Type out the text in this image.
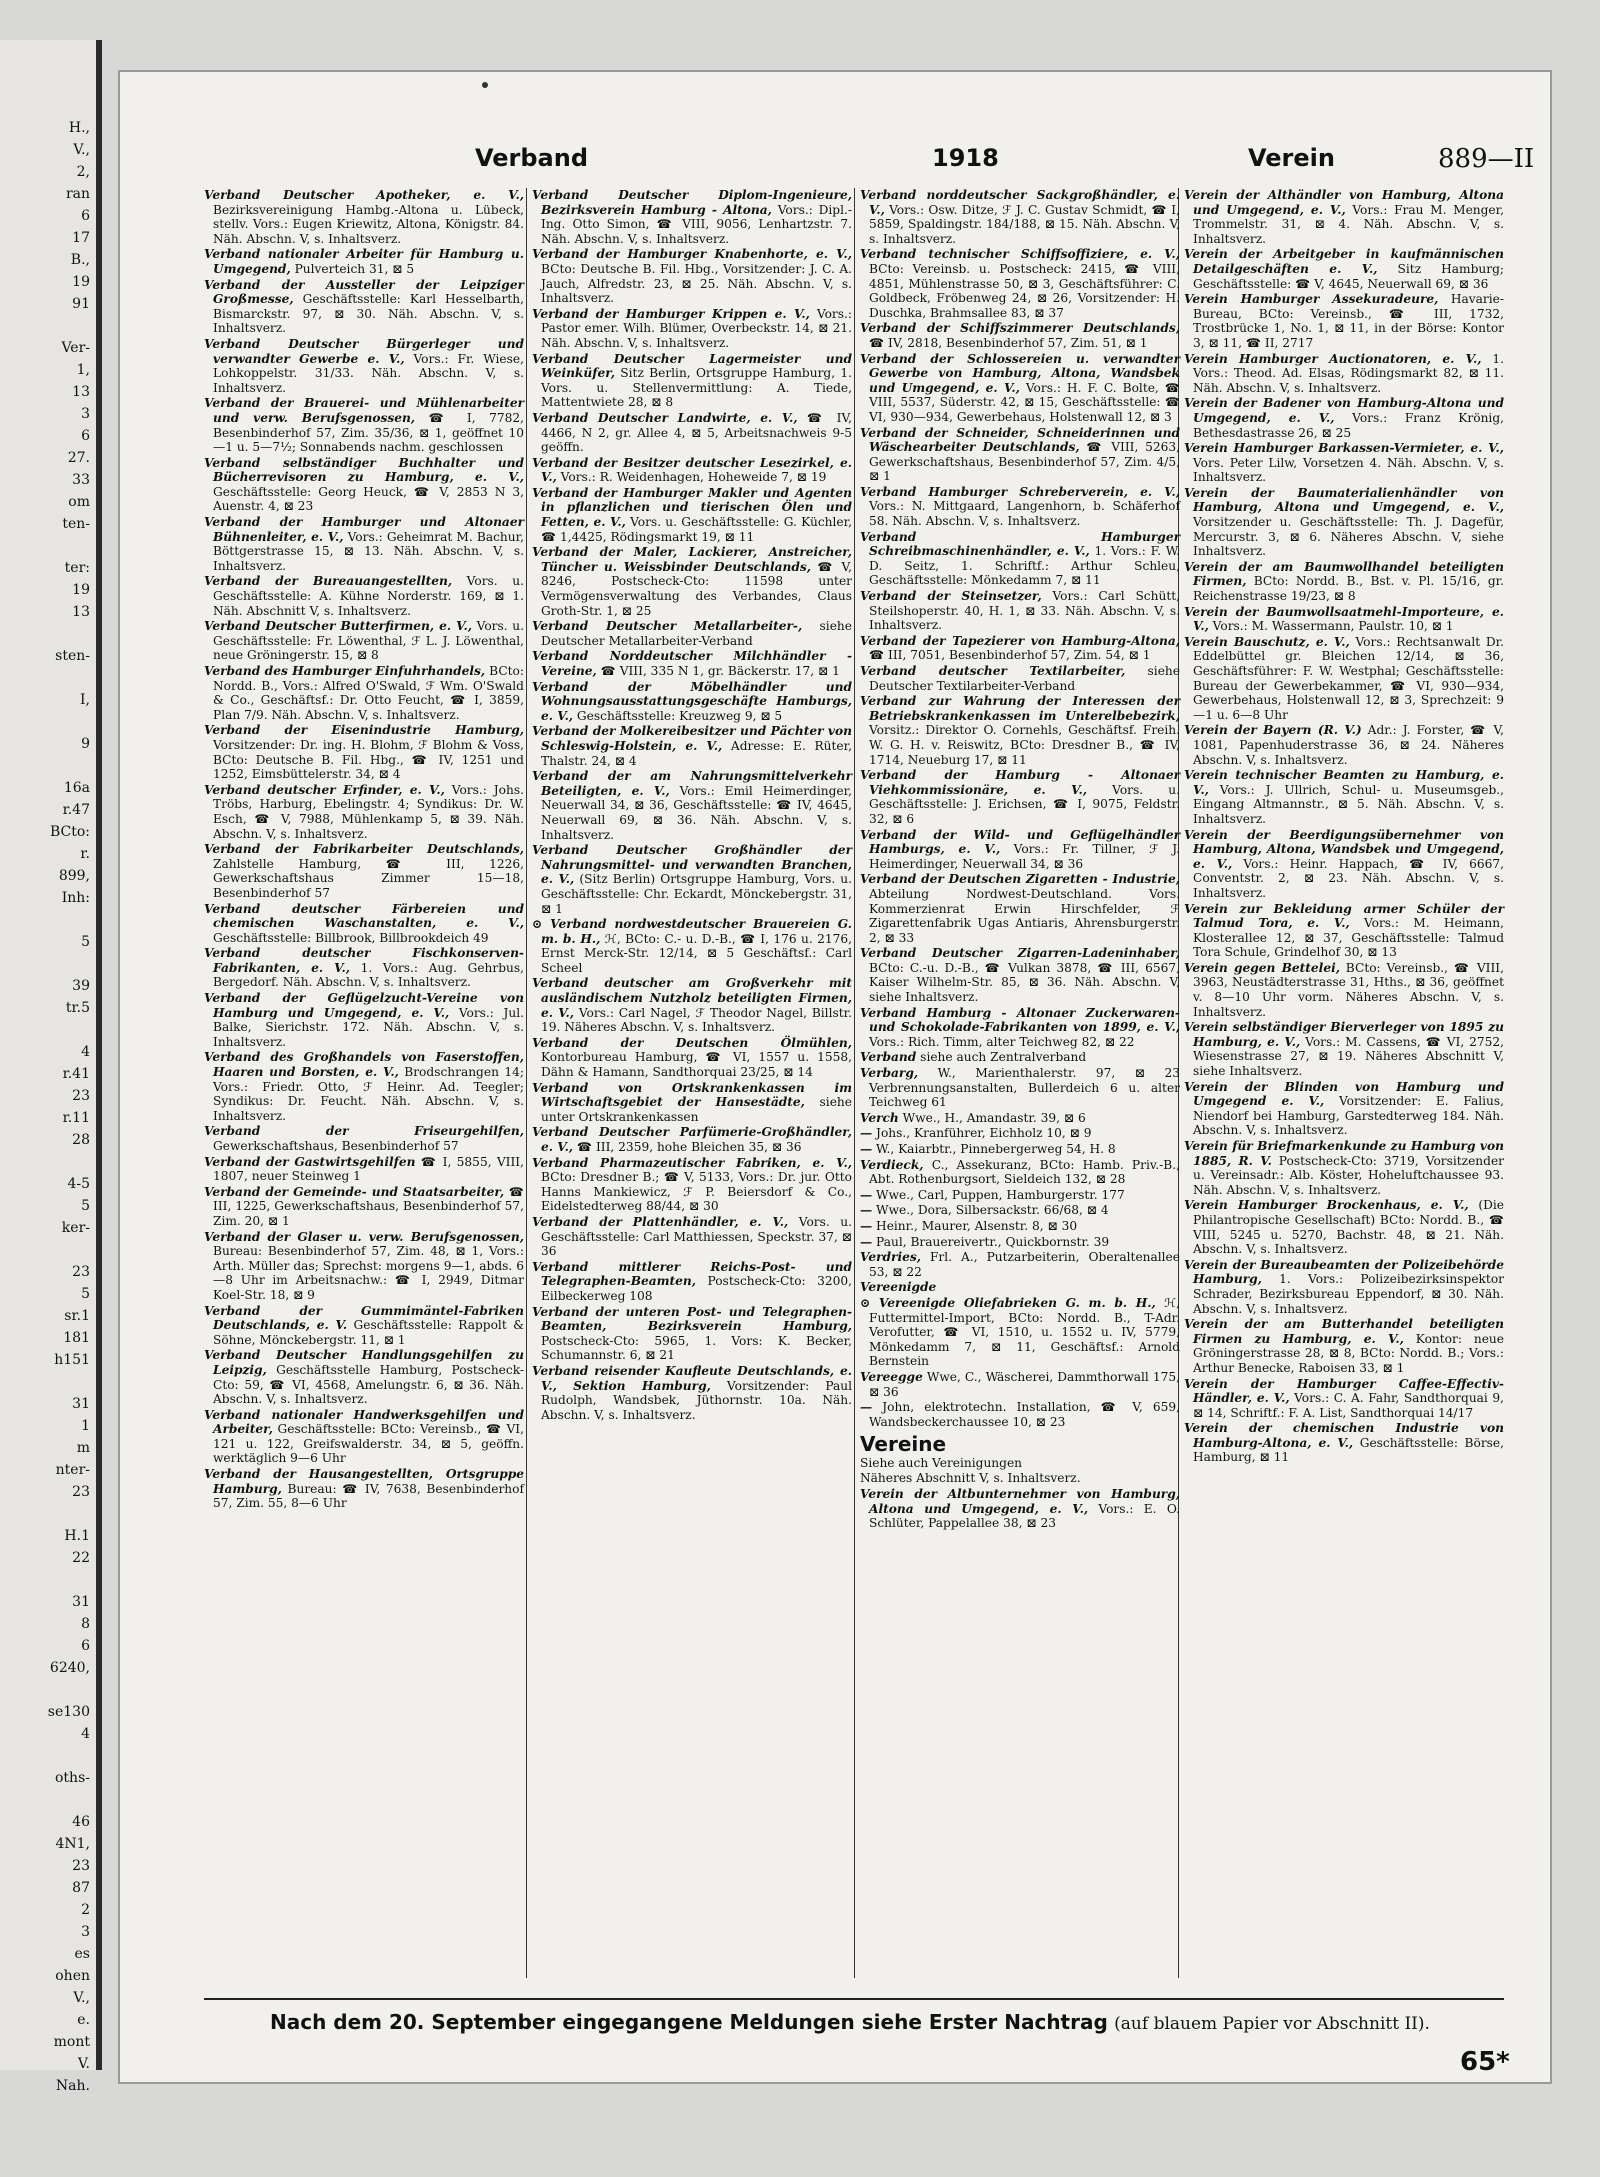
H.,
V.,
2,
ran
6
17
B.,
19
91
Ver-
1,
13
3
6
27.
33
om
ten-
ter:
19
13
sten-
I,
9
16a
r.47
BCto:
r.
899,
Inh:
5
39
tr.5
4
r.41
23
r.11
28
4-5
5
ker-
23
5
sr.1
181
h151
31
1
m
nter-
23
H.1
22
31
8
6
6240,
se130
4
oths-
46
4N1,
23
87
2
3
es
ohen
V.,
e.
mont
V.
Nah.
Verband	1918	Verein	889—II
Verband Deutscher Apotheker, e. V., Bezirksvereinigung Hambg.-Altona u. Lübeck, stellv. Vors.: Eugen Kriewitz, Altona, Königstr. 84. Näh. Abschn. V, s. Inhaltsverz.
Verband nationaler Arbeiter für Hamburg u. Umgegend, Pulverteich 31, ⊠ 5
Verband der Aussteller der Leipziger Großmesse, Geschäftsstelle: Karl Hesselbarth, Bismarckstr. 97, ⊠ 30. Näh. Abschn. V, s. Inhaltsverz.
Verband Deutscher Bürgerleger und verwandter Gewerbe e. V., Vors.: Fr. Wiese, Lohkoppelstr. 31/33. Näh. Abschn. V, s. Inhaltsverz.
Verband der Brauerei- und Mühlenarbeiter und verw. Berufsgenossen, ☎ I, 7782, Besenbinderhof 57, Zim. 35/36, ⊠ 1, geöffnet 10—1 u. 5—7½; Sonnabends nachm. geschlossen
Verband selbständiger Buchhalter und Bücherrevisoren zu Hamburg, e. V., Geschäftsstelle: Georg Heuck, ☎ V, 2853 N 3, Auenstr. 4, ⊠ 23
Verband der Hamburger und Altonaer Bühnenleiter, e. V., Vors.: Geheimrat M. Bachur, Böttgerstrasse 15, ⊠ 13. Näh. Abschn. V, s. Inhaltsverz.
Verband der Bureauangestellten, Vors. u. Geschäftsstelle: A. Kühne Norderstr. 169, ⊠ 1. Näh. Abschnitt V, s. Inhaltsverz.
Verband Deutscher Butterfirmen, e. V., Vors. u. Geschäftsstelle: Fr. Löwenthal, ℱ L. J. Löwenthal, neue Gröningerstr. 15, ⊠ 8
Verband des Hamburger Einfuhrhandels, BCto: Nordd. B., Vors.: Alfred O'Swald, ℱ Wm. O'Swald & Co., Geschäftsf.: Dr. Otto Feucht, ☎ I, 3859, Plan 7/9. Näh. Abschn. V, s. Inhaltsverz.
Verband der Eisenindustrie Hamburg, Vorsitzender: Dr. ing. H. Blohm, ℱ Blohm & Voss, BCto: Deutsche B. Fil. Hbg., ☎ IV, 1251 und 1252, Eimsbüttelerstr. 34, ⊠ 4
Verband deutscher Erfinder, e. V., Vors.: Johs. Tröbs, Harburg, Ebelingstr. 4; Syndikus: Dr. W. Esch, ☎ V, 7988, Mühlenkamp 5, ⊠ 39. Näh. Abschn. V, s. Inhaltsverz.
Verband der Fabrikarbeiter Deutschlands, Zahlstelle Hamburg, ☎ III, 1226, Gewerkschaftshaus Zimmer 15—18, Besenbinderhof 57
Verband deutscher Färbereien und chemischen Waschanstalten, e. V., Geschäftsstelle: Billbrook, Billbrookdeich 49
Verband deutscher Fischkonserven-Fabrikanten, e. V., 1. Vors.: Aug. Gehrbus, Bergedorf. Näh. Abschn. V, s. Inhaltsverz.
Verband der Geflügelzucht-Vereine von Hamburg und Umgegend, e. V., Vors.: Jul. Balke, Sierichstr. 172. Näh. Abschn. V, s. Inhaltsverz.
Verband des Großhandels von Faserstoffen, Haaren und Borsten, e. V., Brodschrangen 14; Vors.: Friedr. Otto, ℱ Heinr. Ad. Teegler; Syndikus: Dr. Feucht. Näh. Abschn. V, s. Inhaltsverz.
Verband der Friseurgehilfen, Gewerkschaftshaus, Besenbinderhof 57
Verband der Gastwirtsgehilfen ☎ I, 5855, VIII, 1807, neuer Steinweg 1
Verband der Gemeinde- und Staatsarbeiter, ☎ III, 1225, Gewerkschaftshaus, Besenbinderhof 57, Zim. 20, ⊠ 1
Verband der Glaser u. verw. Berufsgenossen, Bureau: Besenbinderhof 57, Zim. 48, ⊠ 1, Vors.: Arth. Müller das; Sprechst: morgens 9—1, abds. 6—8 Uhr im Arbeitsnachw.: ☎ I, 2949, Ditmar Koel-Str. 18, ⊠ 9
Verband der Gummimäntel-Fabriken Deutschlands, e. V. Geschäftsstelle: Rappolt & Söhne, Mönckebergstr. 11, ⊠ 1
Verband Deutscher Handlungsgehilfen zu Leipzig, Geschäftsstelle Hamburg, Postscheck-Cto: 59, ☎ VI, 4568, Amelungstr. 6, ⊠ 36. Näh. Abschn. V, s. Inhaltsverz.
Verband nationaler Handwerksgehilfen und Arbeiter, Geschäftsstelle: BCto: Vereinsb., ☎ VI, 121 u. 122, Greifswalderstr. 34, ⊠ 5, geöffn. werktäglich 9—6 Uhr
Verband der Hausangestellten, Ortsgruppe Hamburg, Bureau: ☎ IV, 7638, Besenbinderhof 57, Zim. 55, 8—6 Uhr
Verband Deutscher Diplom-Ingenieure, Bezirksverein Hamburg - Altona, Vors.: Dipl.-Ing. Otto Simon, ☎ VIII, 9056, Lenhartzstr. 7. Näh. Abschn. V, s. Inhaltsverz.
Verband der Hamburger Knabenhorte, e. V., BCto: Deutsche B. Fil. Hbg., Vorsitzender: J. C. A. Jauch, Alfredstr. 23, ⊠ 25. Näh. Abschn. V, s. Inhaltsverz.
Verband der Hamburger Krippen e. V., Vors.: Pastor emer. Wilh. Blümer, Overbeckstr. 14, ⊠ 21. Näh. Abschn. V, s. Inhaltsverz.
Verband Deutscher Lagermeister und Weinküfer, Sitz Berlin, Ortsgruppe Hamburg, 1. Vors. u. Stellenvermittlung: A. Tiede, Mattentwiete 28, ⊠ 8
Verband Deutscher Landwirte, e. V., ☎ IV, 4466, N 2, gr. Allee 4, ⊠ 5, Arbeitsnachweis 9-5 geöffn.
Verband der Besitzer deutscher Lesezirkel, e. V., Vors.: R. Weidenhagen, Hoheweide 7, ⊠ 19
Verband der Hamburger Makler und Agenten in pflanzlichen und tierischen Ölen und Fetten, e. V., Vors. u. Geschäftsstelle: G. Küchler, ☎ 1,4425, Rödingsmarkt 19, ⊠ 11
Verband der Maler, Lackierer, Anstreicher, Tüncher u. Weissbinder Deutschlands, ☎ V, 8246, Postscheck-Cto: 11598 unter Vermögensverwaltung des Verbandes, Claus Groth-Str. 1, ⊠ 25
Verband Deutscher Metallarbeiter-, siehe Deutscher Metallarbeiter-Verband
Verband Norddeutscher Milchhändler - Vereine, ☎ VIII, 335 N 1, gr. Bäckerstr. 17, ⊠ 1
Verband der Möbelhändler und Wohnungsausstattungsgeschäfte Hamburgs, e. V., Geschäftsstelle: Kreuzweg 9, ⊠ 5
Verband der Molkereibesitzer und Pächter von Schleswig-Holstein, e. V., Adresse: E. Rüter, Thalstr. 24, ⊠ 4
Verband der am Nahrungsmittelverkehr Beteiligten, e. V., Vors.: Emil Heimerdinger, Neuerwall 34, ⊠ 36, Geschäftsstelle: ☎ IV, 4645, Neuerwall 69, ⊠ 36. Näh. Abschn. V, s. Inhaltsverz.
Verband Deutscher Großhändler der Nahrungsmittel- und verwandten Branchen, e. V., (Sitz Berlin) Ortsgruppe Hamburg, Vors. u. Geschäftsstelle: Chr. Eckardt, Mönckebergstr. 31, ⊠ 1
⊙ Verband nordwestdeutscher Brauereien G. m. b. H., ℋ, BCto: C.- u. D.-B., ☎ I, 176 u. 2176, Ernst Merck-Str. 12/14, ⊠ 5 Geschäftsf.: Carl Scheel
Verband deutscher am Großverkehr mit ausländischem Nutzholz beteiligten Firmen, e. V., Vors.: Carl Nagel, ℱ Theodor Nagel, Billstr. 19. Näheres Abschn. V, s. Inhaltsverz.
Verband der Deutschen Ölmühlen, Kontorbureau Hamburg, ☎ VI, 1557 u. 1558, Dähn & Hamann, Sandthorquai 23/25, ⊠ 14
Verband von Ortskrankenkassen im Wirtschaftsgebiet der Hansestädte, siehe unter Ortskrankenkassen
Verband Deutscher Parfümerie-Großhändler, e. V., ☎ III, 2359, hohe Bleichen 35, ⊠ 36
Verband Pharmazeutischer Fabriken, e. V., BCto: Dresdner B.; ☎ V, 5133, Vors.: Dr. jur. Otto Hanns Mankiewicz, ℱ P. Beiersdorf & Co., Eidelstedterweg 88/44, ⊠ 30
Verband der Plattenhändler, e. V., Vors. u. Geschäftsstelle: Carl Matthiessen, Speckstr. 37, ⊠ 36
Verband mittlerer Reichs-Post- und Telegraphen-Beamten, Postscheck-Cto: 3200, Eilbeckerweg 108
Verband der unteren Post- und Telegraphen-Beamten, Bezirksverein Hamburg, Postscheck-Cto: 5965, 1. Vors: K. Becker, Schumannstr. 6, ⊠ 21
Verband reisender Kaufleute Deutschlands, e. V., Sektion Hamburg, Vorsitzender: Paul Rudolph, Wandsbek, Jüthornstr. 10a. Näh. Abschn. V, s. Inhaltsverz.
Verband norddeutscher Sackgroßhändler, e. V., Vors.: Osw. Ditze, ℱ J. C. Gustav Schmidt, ☎ I, 5859, Spaldingstr. 184/188, ⊠ 15. Näh. Abschn. V, s. Inhaltsverz.
Verband technischer Schiffsoffiziere, e. V., BCto: Vereinsb. u. Postscheck: 2415, ☎ VIII, 4851, Mühlenstrasse 50, ⊠ 3, Geschäftsführer: C. Goldbeck, Fröbenweg 24, ⊠ 26, Vorsitzender: H. Duschka, Brahmsallee 83, ⊠ 37
Verband der Schiffszimmerer Deutschlands, ☎ IV, 2818, Besenbinderhof 57, Zim. 51, ⊠ 1
Verband der Schlossereien u. verwandter Gewerbe von Hamburg, Altona, Wandsbek und Umgegend, e. V., Vors.: H. F. C. Bolte, ☎ VIII, 5537, Süderstr. 42, ⊠ 15, Geschäftsstelle: ☎ VI, 930—934, Gewerbehaus, Holstenwall 12, ⊠ 3
Verband der Schneider, Schneiderinnen und Wäschearbeiter Deutschlands, ☎ VIII, 5263, Gewerkschaftshaus, Besenbinderhof 57, Zim. 4/5, ⊠ 1
Verband Hamburger Schreberverein, e. V., Vors.: N. Mittgaard, Langenhorn, b. Schäferhof 58. Näh. Abschn. V, s. Inhaltsverz.
Verband Hamburger Schreibmaschinenhändler, e. V., 1. Vors.: F. W. D. Seitz, 1. Schriftf.: Arthur Schleu, Geschäftsstelle: Mönkedamm 7, ⊠ 11
Verband der Steinsetzer, Vors.: Carl Schütt, Steilshoperstr. 40, H. 1, ⊠ 33. Näh. Abschn. V, s. Inhaltsverz.
Verband der Tapezierer von Hamburg-Altona, ☎ III, 7051, Besenbinderhof 57, Zim. 54, ⊠ 1
Verband deutscher Textilarbeiter, siehe Deutscher Textilarbeiter-Verband
Verband zur Wahrung der Interessen der Betriebskrankenkassen im Unterelbebezirk, Vorsitz.: Direktor O. Cornehls, Geschäftsf. Freih. W. G. H. v. Reiswitz, BCto: Dresdner B., ☎ IV, 1714, Neueburg 17, ⊠ 11
Verband der Hamburg - Altonaer Viehkommissionäre, e. V., Vors. u. Geschäftsstelle: J. Erichsen, ☎ I, 9075, Feldstr. 32, ⊠ 6
Verband der Wild- und Geflügelhändler Hamburgs, e. V., Vors.: Fr. Tillner, ℱ J. Heimerdinger, Neuerwall 34, ⊠ 36
Verband der Deutschen Zigaretten - Industrie, Abteilung Nordwest-Deutschland. Vors. Kommerzienrat Erwin Hirschfelder, ℱ Zigarettenfabrik Ugas Antiaris, Ahrensburgerstr. 2, ⊠ 33
Verband Deutscher Zigarren-Ladeninhaber, BCto: C.-u. D.-B., ☎ Vulkan 3878, ☎ III, 6567, Kaiser Wilhelm-Str. 85, ⊠ 36. Näh. Abschn. V, siehe Inhaltsverz.
Verband Hamburg - Altonaer Zuckerwaren- und Schokolade-Fabrikanten von 1899, e. V., Vors.: Rich. Timm, alter Teichweg 82, ⊠ 22
Verband siehe auch Zentralverband
Verbarg, W., Marienthalerstr. 97, ⊠ 23 Verbrennungsanstalten, Bullerdeich 6 u. alter Teichweg 61
Verch Wwe., H., Amandastr. 39, ⊠ 6
— Johs., Kranführer, Eichholz 10, ⊠ 9
— W., Kaiarbtr., Pinnebergerweg 54, H. 8
Verdieck, C., Assekuranz, BCto: Hamb. Priv.-B., Abt. Rothenburgsort, Sieldeich 132, ⊠ 28
— Wwe., Carl, Puppen, Hamburgerstr. 177
— Wwe., Dora, Silbersackstr. 66/68, ⊠ 4
— Heinr., Maurer, Alsenstr. 8, ⊠ 30
— Paul, Brauereivertr., Quickbornstr. 39
Verdries, Frl. A., Putzarbeiterin, Oberaltenallee 53, ⊠ 22
Vereenigde
⊙ Vereenigde Oliefabrieken G. m. b. H., ℋ, Futtermittel-Import, BCto: Nordd. B., T-Adr. Verofutter, ☎ VI, 1510, u. 1552 u. IV, 5779, Mönkedamm 7, ⊠ 11, Geschäftsf.: Arnold Bernstein
Vereegge Wwe, C., Wäscherei, Dammthorwall 175, ⊠ 36
— John, elektrotechn. Installation, ☎ V, 659, Wandsbeckerchaussee 10, ⊠ 23
Vereine
Siehe auch Vereinigungen
Näheres Abschnitt V, s. Inhaltsverz.
Verein der Altbunternehmer von Hamburg, Altona und Umgegend, e. V., Vors.: E. O. Schlüter, Pappelallee 38, ⊠ 23
Verein der Althändler von Hamburg, Altona und Umgegend, e. V., Vors.: Frau M. Menger, Trommelstr. 31, ⊠ 4. Näh. Abschn. V, s. Inhaltsverz.
Verein der Arbeitgeber in kaufmännischen Detailgeschäften e. V., Sitz Hamburg; Geschäftsstelle: ☎ V, 4645, Neuerwall 69, ⊠ 36
Verein Hamburger Assekuradeure, Havarie-Bureau, BCto: Vereinsb., ☎ III, 1732, Trostbrücke 1, No. 1, ⊠ 11, in der Börse: Kontor 3, ⊠ 11, ☎ II, 2717
Verein Hamburger Auctionatoren, e. V., 1. Vors.: Theod. Ad. Elsas, Rödingsmarkt 82, ⊠ 11. Näh. Abschn. V, s. Inhaltsverz.
Verein der Badener von Hamburg-Altona und Umgegend, e. V., Vors.: Franz Krönig, Bethesdastrasse 26, ⊠ 25
Verein Hamburger Barkassen-Vermieter, e. V., Vors. Peter Lilw, Vorsetzen 4. Näh. Abschn. V, s. Inhaltsverz.
Verein der Baumaterialienhändler von Hamburg, Altona und Umgegend, e. V., Vorsitzender u. Geschäftsstelle: Th. J. Dagefür, Mercurstr. 3, ⊠ 6. Näheres Abschn. V, siehe Inhaltsverz.
Verein der am Baumwollhandel beteiligten Firmen, BCto: Nordd. B., Bst. v. Pl. 15/16, gr. Reichenstrasse 19/23, ⊠ 8
Verein der Baumwollsaatmehl-Importeure, e. V., Vors.: M. Wassermann, Paulstr. 10, ⊠ 1
Verein Bauschutz, e. V., Vors.: Rechtsanwalt Dr. Eddelbüttel gr. Bleichen 12/14, ⊠ 36, Geschäftsführer: F. W. Westphal; Geschäftsstelle: Bureau der Gewerbekammer, ☎ VI, 930—934, Gewerbehaus, Holstenwall 12, ⊠ 3, Sprechzeit: 9—1 u. 6—8 Uhr
Verein der Bayern (R. V.) Adr.: J. Forster, ☎ V, 1081, Papenhuderstrasse 36, ⊠ 24. Näheres Abschn. V, s. Inhaltsverz.
Verein technischer Beamten zu Hamburg, e. V., Vors.: J. Ullrich, Schul- u. Museumsgeb., Eingang Altmannstr., ⊠ 5. Näh. Abschn. V, s. Inhaltsverz.
Verein der Beerdigungsübernehmer von Hamburg, Altona, Wandsbek und Umgegend, e. V., Vors.: Heinr. Happach, ☎ IV, 6667, Conventstr. 2, ⊠ 23. Näh. Abschn. V, s. Inhaltsverz.
Verein zur Bekleidung armer Schüler der Talmud Tora, e. V., Vors.: M. Heimann, Klosterallee 12, ⊠ 37, Geschäftsstelle: Talmud Tora Schule, Grindelhof 30, ⊠ 13
Verein gegen Bettelei, BCto: Vereinsb., ☎ VIII, 3963, Neustädterstrasse 31, Hths., ⊠ 36, geöffnet v. 8—10 Uhr vorm. Näheres Abschn. V, s. Inhaltsverz.
Verein selbständiger Bierverleger von 1895 zu Hamburg, e. V., Vors.: M. Cassens, ☎ VI, 2752, Wiesenstrasse 27, ⊠ 19. Näheres Abschnitt V, siehe Inhaltsverz.
Verein der Blinden von Hamburg und Umgegend e. V., Vorsitzender: E. Falius, Niendorf bei Hamburg, Garstedterweg 184. Näh. Abschn. V, s. Inhaltsverz.
Verein für Briefmarkenkunde zu Hamburg von 1885, R. V. Postscheck-Cto: 3719, Vorsitzender u. Vereinsadr.: Alb. Köster, Hoheluftchaussee 93. Näh. Abschn. V, s. Inhaltsverz.
Verein Hamburger Brockenhaus, e. V., (Die Philantropische Gesellschaft) BCto: Nordd. B., ☎ VIII, 5245 u. 5270, Bachstr. 48, ⊠ 21. Näh. Abschn. V, s. Inhaltsverz.
Verein der Bureaubeamten der Polizeibehörde Hamburg, 1. Vors.: Polizeibezirksinspektor Schrader, Bezirksbureau Eppendorf, ⊠ 30. Näh. Abschn. V, s. Inhaltsverz.
Verein der am Butterhandel beteiligten Firmen zu Hamburg, e. V., Kontor: neue Gröningerstrasse 28, ⊠ 8, BCto: Nordd. B.; Vors.: Arthur Benecke, Raboisen 33, ⊠ 1
Verein der Hamburger Caffee-Effectiv-Händler, e. V., Vors.: C. A. Fahr, Sandthorquai 9, ⊠ 14, Schriftf.: F. A. List, Sandthorquai 14/17
Verein der chemischen Industrie von Hamburg-Altona, e. V., Geschäftsstelle: Börse, Hamburg, ⊠ 11
Nach dem 20. September eingegangene Meldungen siehe Erster Nachtrag (auf blauem Papier vor Abschnitt II).
65*
